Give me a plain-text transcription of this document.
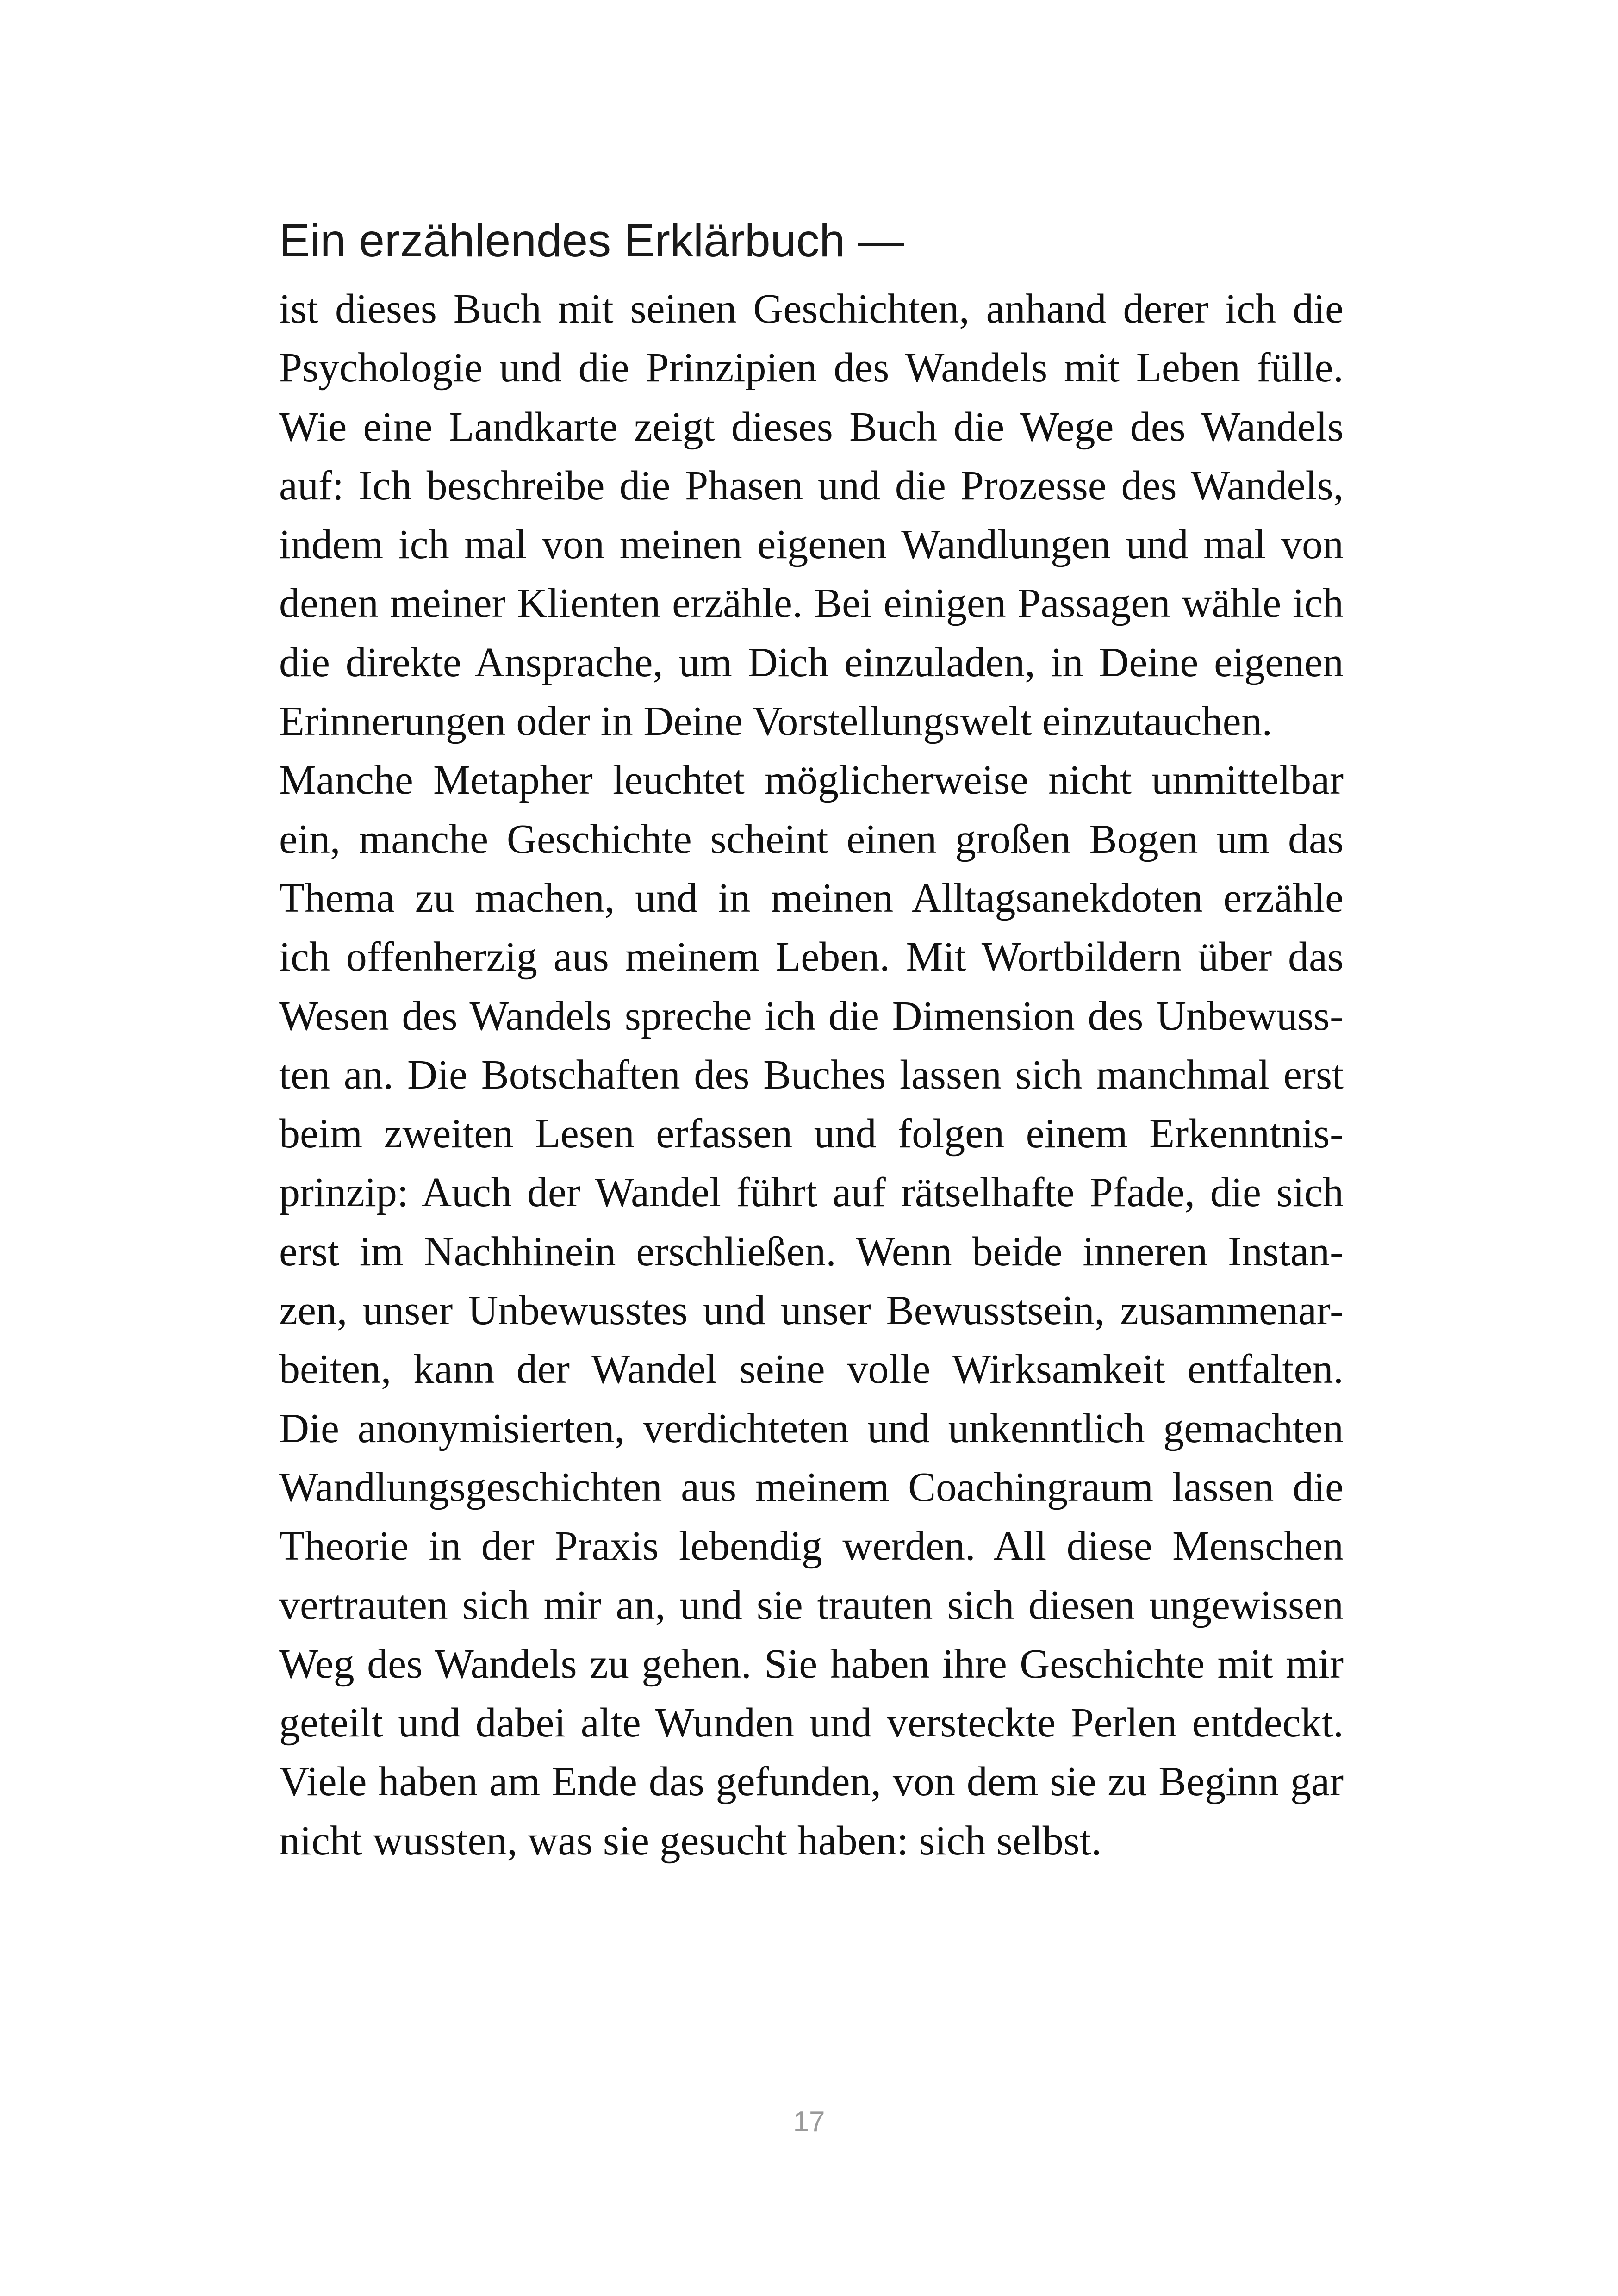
Ein erzählendes Erklärbuch —
ist dieses Buch mit seinen Geschichten, anhand derer ich die
Psychologie und die Prinzipien des Wandels mit Leben fülle.
Wie eine Landkarte zeigt dieses Buch die Wege des Wandels
auf: Ich beschreibe die Phasen und die Prozesse des Wandels,
indem ich mal von meinen eigenen Wandlungen und mal von
denen meiner Klienten erzähle. Bei einigen Passagen wähle ich
die direkte Ansprache, um Dich einzuladen, in Deine eigenen
Erinnerungen oder in Deine Vorstellungswelt einzutauchen.
Manche Metapher leuchtet möglicherweise nicht unmittelbar
ein, manche Geschichte scheint einen großen Bogen um das
Thema zu machen, und in meinen Alltagsanekdoten erzähle
ich offenherzig aus meinem Leben. Mit Wortbildern über das
Wesen des Wandels spreche ich die Dimension des Unbewuss-
ten an. Die Botschaften des Buches lassen sich manchmal erst
beim zweiten Lesen erfassen und folgen einem Erkenntnis-
prinzip: Auch der Wandel führt auf rätselhafte Pfade, die sich
erst im Nachhinein erschließen. Wenn beide inneren Instan-
zen, unser Unbewusstes und unser Bewusstsein, zusammenar-
beiten, kann der Wandel seine volle Wirksamkeit entfalten.
Die anonymisierten, verdichteten und unkenntlich gemachten
Wandlungsgeschichten aus meinem Coachingraum lassen die
Theorie in der Praxis lebendig werden. All diese Menschen
vertrauten sich mir an, und sie trauten sich diesen ungewissen
Weg des Wandels zu gehen. Sie haben ihre Geschichte mit mir
geteilt und dabei alte Wunden und versteckte Perlen entdeckt.
Viele haben am Ende das gefunden, von dem sie zu Beginn gar
nicht wussten, was sie gesucht haben: sich selbst.
17
